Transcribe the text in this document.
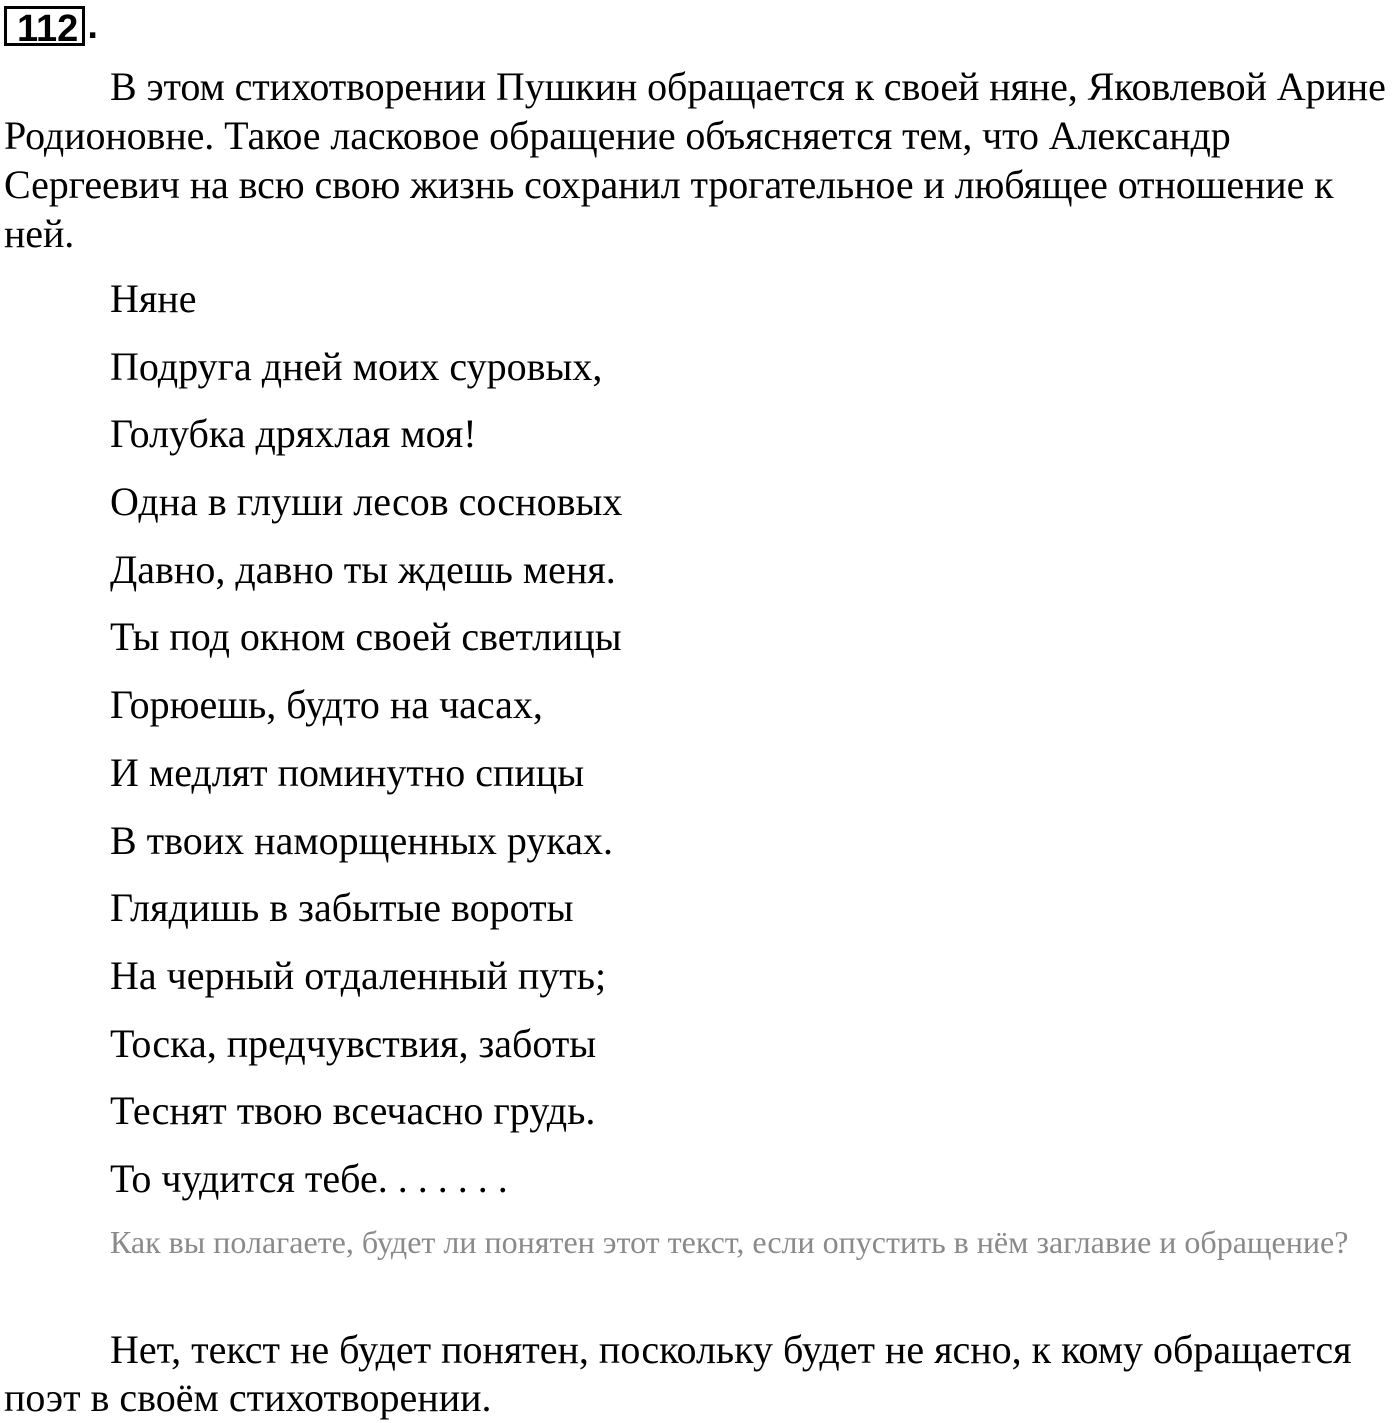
112 .

В этом стихотворении Пушкин обращается к своей няне, Яковлевой Арине Родионовне. Такое ласковое обращение объясняется тем, что Александр Сергеевич на всю свою жизнь сохранил трогательное и любящее отношение к ней.

Няне
Подруга дней моих суровых,
Голубка дряхлая моя!
Одна в глуши лесов сосновых
Давно, давно ты ждешь меня.
Ты под окном своей светлицы
Горюешь, будто на часах,
И медлят поминутно спицы
В твоих наморщенных руках.
Глядишь в забытые вороты
На черный отдаленный путь;
Тоска, предчувствия, заботы
Теснят твою всечасно грудь.
То чудится тебе. . . . . . .

Как вы полагаете, будет ли понятен этот текст, если опустить в нём заглавие и обращение?

Нет, текст не будет понятен, поскольку будет не ясно, к кому обращается поэт в своём стихотворении.
